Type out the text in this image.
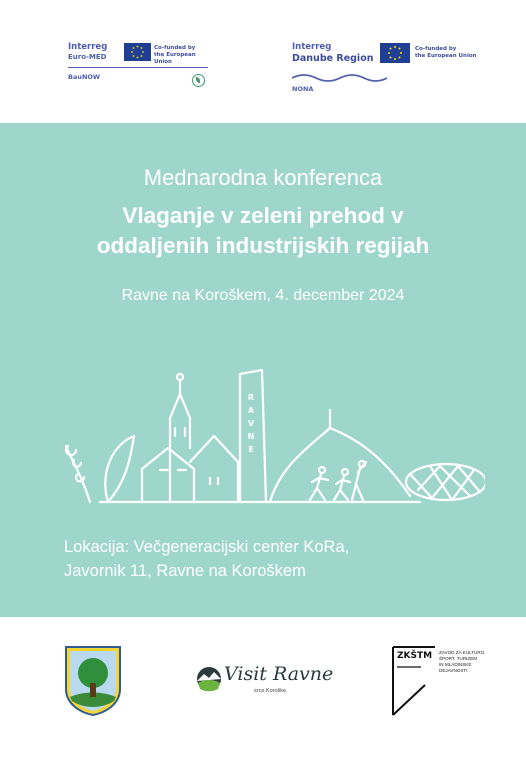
Interreg
Euro-MED
Co-funded by
the European Union
BauNOW
Interreg
Danube Region
Co-funded by
the European Union
NONA
Mednarodna konferenca
Vlaganje v zeleni prehod v
oddaljenih industrijskih regijah
Ravne na Koroškem, 4. december 2024
RAVNE
Lokacija: Večgeneracijski center KoRa,
Javornik 11, Ravne na Koroškem
Visit Ravne
srce Koroške
ZKŠTM ZAVOD ZA KULTURO,
ŠPORT, TURIZEM
IN MLADINSKE
DEJAVNOSTI
